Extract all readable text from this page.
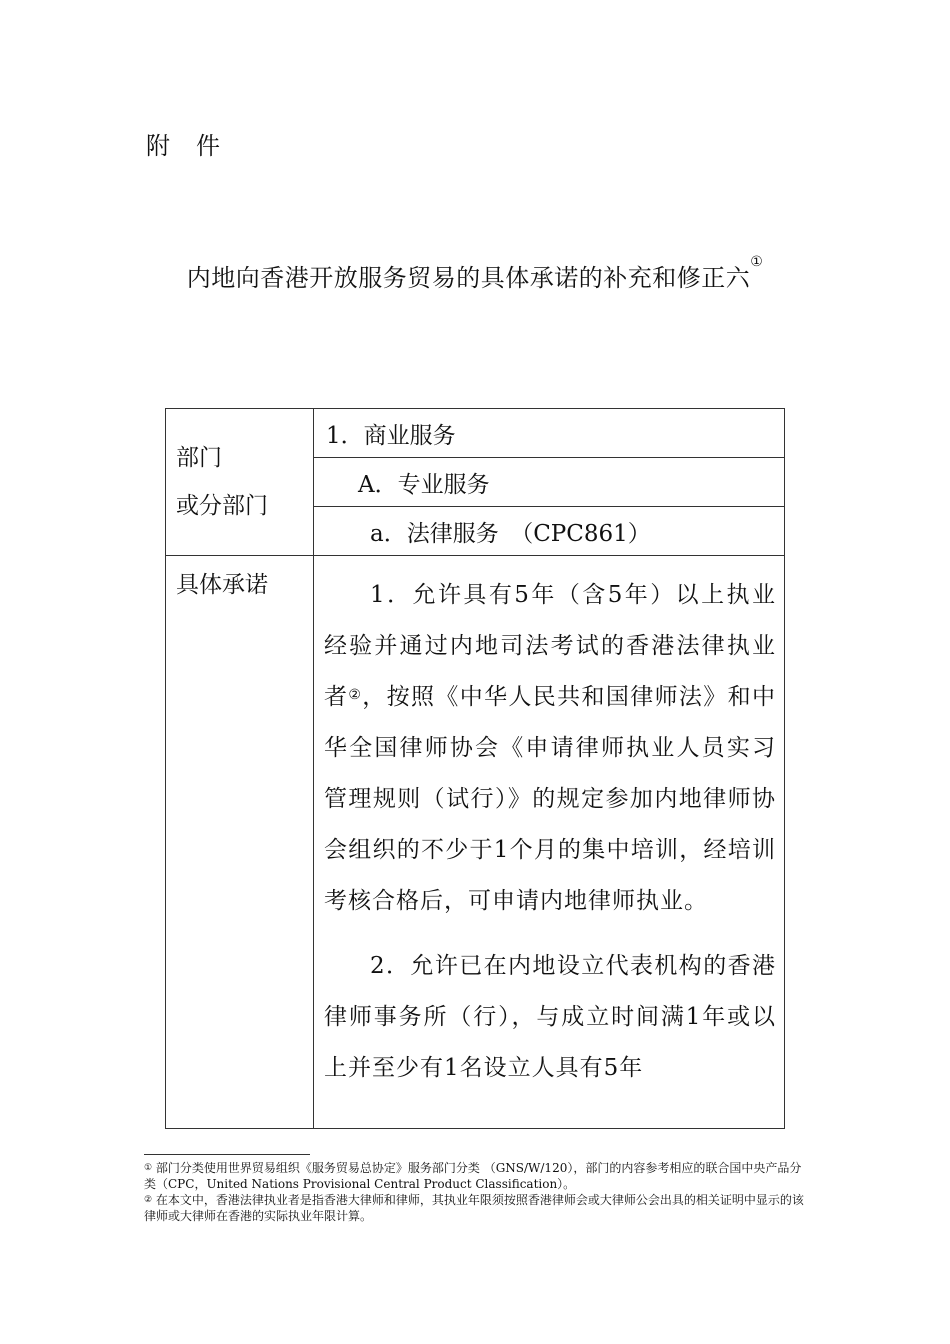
附件
内地向香港开放服务贸易的具体承诺的补充和修正六①
部门
或分部门	1．商业服务
	A．专业服务
	a．法律服务　（CPC861）
具体承诺	1．允许具有5年（含5年）以上执业经验并通过内地司法考试的香港法律执业者②，按照《中华人民共和国律师法》和中华全国律师协会《申请律师执业人员实习管理规则（试行）》的规定参加内地律师协会组织的不少于1个月的集中培训，经培训考核合格后，可申请内地律师执业。

2．允许已在内地设立代表机构的香港律师事务所（行），与成立时间满1年或以上并至少有1名设立人具有5年

① 部门分类使用世界贸易组织《服务贸易总协定》服务部门分类 （GNS/W/120），部门的内容参考相应的联合国中央产品分类（CPC，United Nations Provisional Central Product Classification）。

② 在本文中，香港法律执业者是指香港大律师和律师，其执业年限须按照香港律师会或大律师公会出具的相关证明中显示的该律师或大律师在香港的实际执业年限计算。
